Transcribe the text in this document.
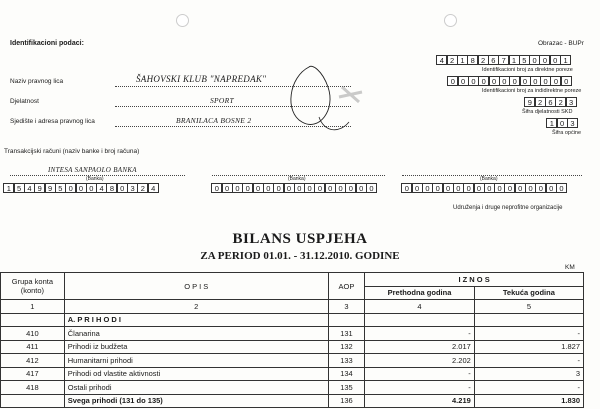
Identifikacioni podaci:	Obrazac - BUPr
4 2 1 8 2 6 7 1 5 0 0 0 1
Identifikacioni broj za direktne poreze
0 0 0 0 0 0 0 0 0 0 0 0
Identifikacioni broj za indidirektne poreze
9 2 6 2 3
Šifra djelatnosti SKD
1 0 3
Šifra općine
Naziv pravnog lica	ŠAHOVSKI KLUB "NAPREDAK"
Djelatnost	SPORT
Sjedište i adresa pravnog lica	BRANILACA BOSNE 2
Transakcijski računi (naziv banke i broj računa)
INTESA SANPAOLO BANKA
(Banka)
1 5 4 9 9 5 0 0 0 4 8 0 3 2 4
(Banka)
0 0 0 0 0 0 0 0 0 0 0 0 0 0 0 0
(Banka)
0 0 0 0 0 0 0 0 0 0 0 0 0 0 0 0
Udruženja i druge neprofitne organizacije
BILANS USPJEHA
ZA PERIOD 01.01. - 31.12.2010. GODINE
KM
Grupa konta (konto)	O P I S	AOP	I Z N O S	
			Prethodna godina	Tekuća godina
1	2	3	4	5
	A. P R I H O D I			
410	Članarina	131	-	-
411	Prihodi iz budžeta	132	2.017	1.827
412	Humanitarni prihodi	133	2.202	-
417	Prihodi od vlastite aktivnosti	134	-	3
418	Ostali prihodi	135	-	-
	Svega prihodi (131 do 135)	136	4.219	1.830
